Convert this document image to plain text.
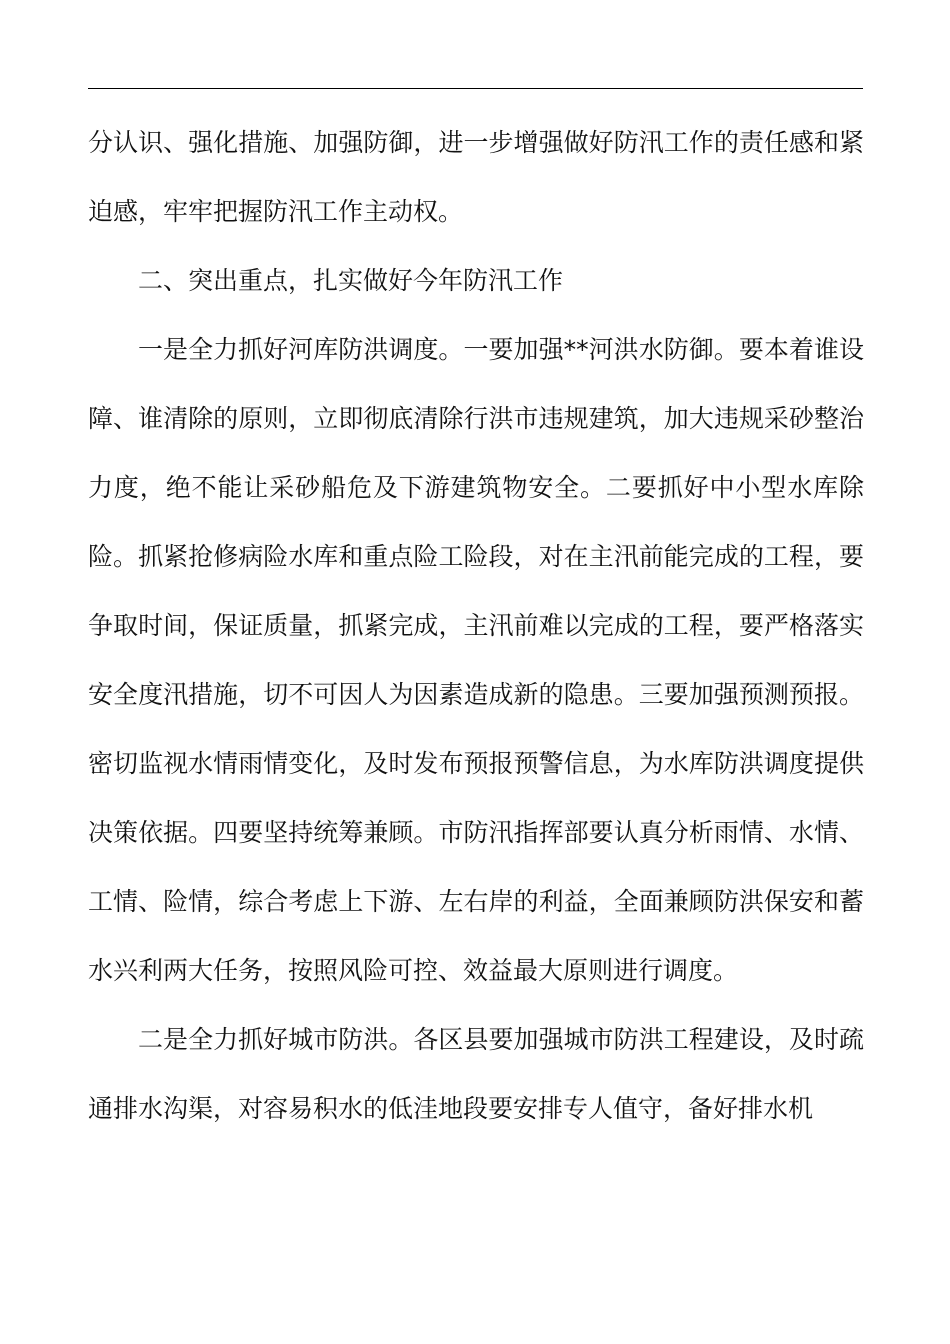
分认识、强化措施、加强防御，进一步增强做好防汛工作的责任感和紧迫感，牢牢把握防汛工作主动权。

二、突出重点，扎实做好今年防汛工作

一是全力抓好河库防洪调度。一要加强**河洪水防御。要本着谁设障、谁清除的原则，立即彻底清除行洪市违规建筑，加大违规采砂整治力度，绝不能让采砂船危及下游建筑物安全。二要抓好中小型水库除险。抓紧抢修病险水库和重点险工险段，对在主汛前能完成的工程，要争取时间，保证质量，抓紧完成，主汛前难以完成的工程，要严格落实安全度汛措施，切不可因人为因素造成新的隐患。三要加强预测预报。密切监视水情雨情变化，及时发布预报预警信息，为水库防洪调度提供决策依据。四要坚持统筹兼顾。市防汛指挥部要认真分析雨情、水情、工情、险情，综合考虑上下游、左右岸的利益，全面兼顾防洪保安和蓄水兴利两大任务，按照风险可控、效益最大原则进行调度。

二是全力抓好城市防洪。各区县要加强城市防洪工程建设，及时疏通排水沟渠，对容易积水的低洼地段要安排专人值守，备好排水机
